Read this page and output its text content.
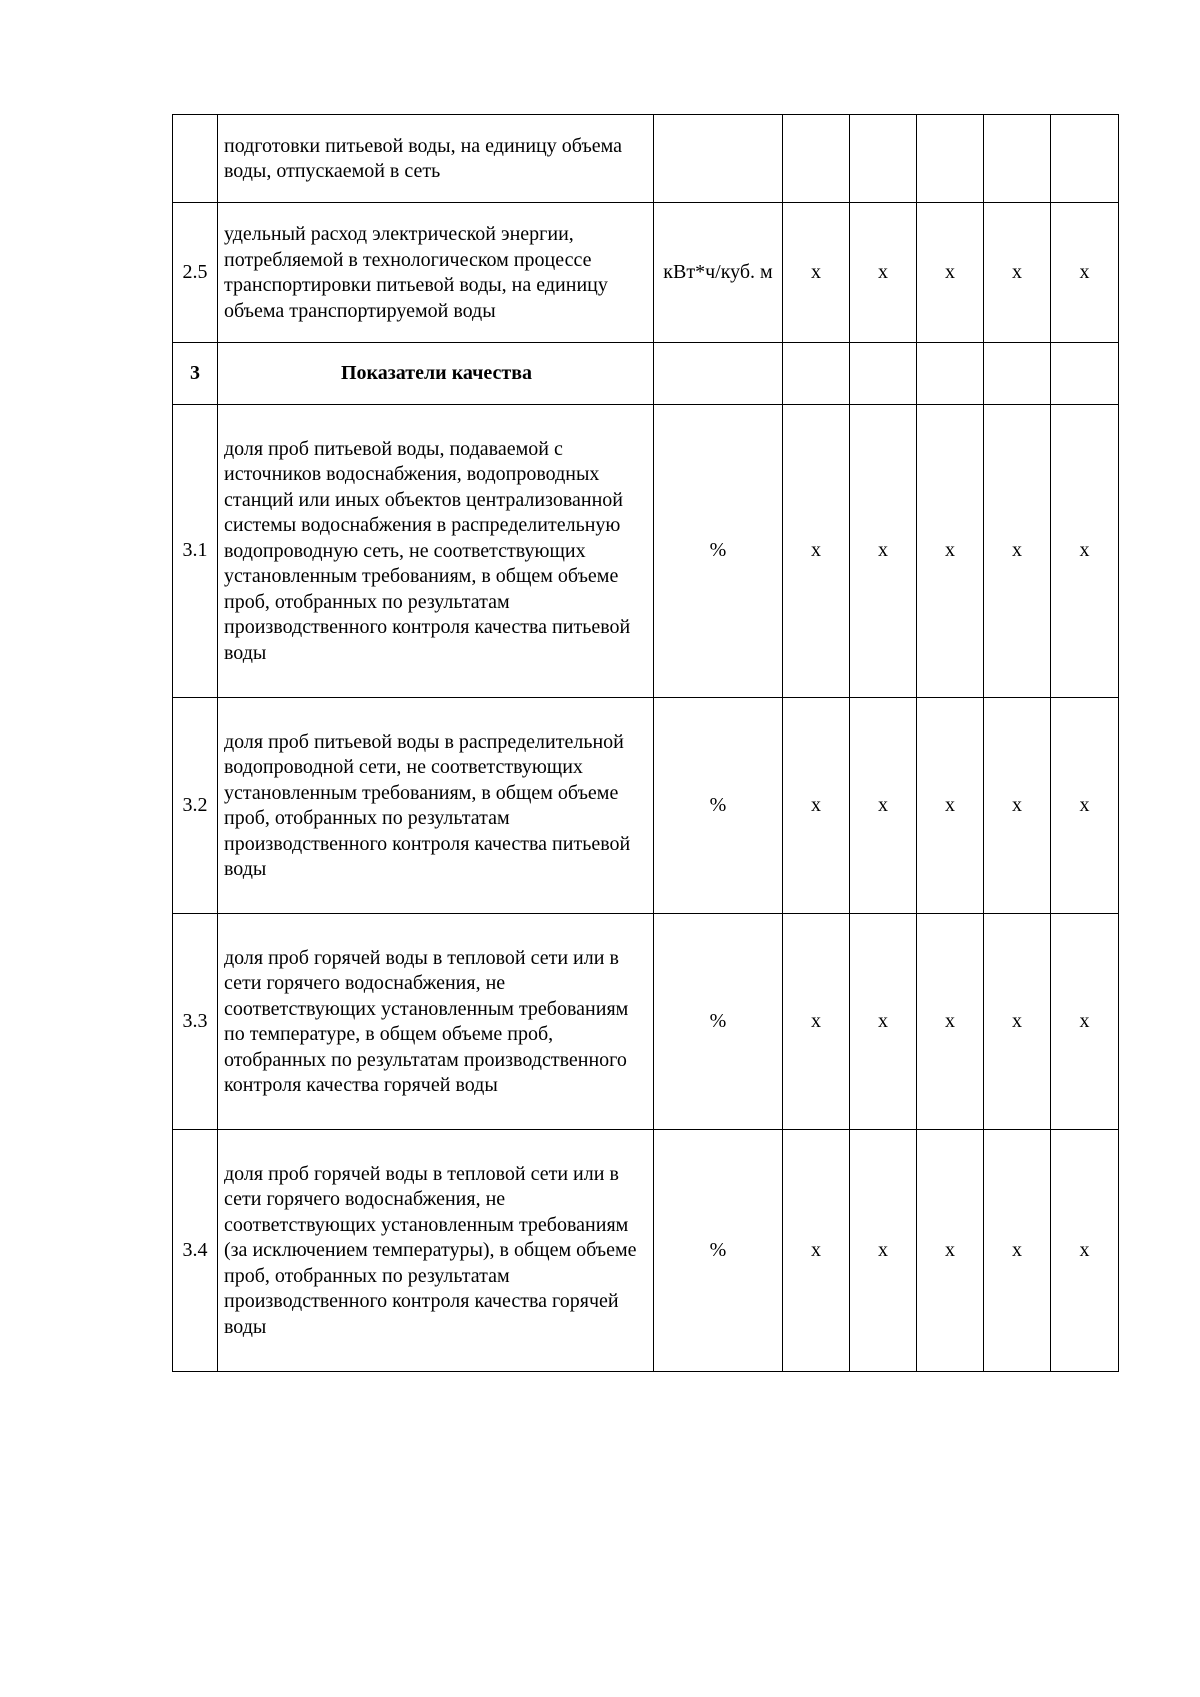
	подготовки питьевой воды, на единицу объема воды, отпускаемой в сеть						
2.5	удельный расход электрической энергии, потребляемой в технологическом процессе транспортировки питьевой воды, на единицу объема транспортируемой воды	кВт*ч/куб. м	х	х	х	х	х
3	Показатели качества						
3.1	доля проб питьевой воды, подаваемой с источников водоснабжения, водопроводных станций или иных объектов централизованной системы водоснабжения в распределительную водопроводную сеть, не соответствующих установленным требованиям, в общем объеме проб, отобранных по результатам производственного контроля качества питьевой воды	%	х	х	х	х	х
3.2	доля проб питьевой воды в распределительной водопроводной сети, не соответствующих установленным требованиям, в общем объеме проб, отобранных по результатам производственного контроля качества питьевой воды	%	х	х	х	х	х
3.3	доля проб горячей воды в тепловой сети или в сети горячего водоснабжения, не соответствующих установленным требованиям по температуре, в общем объеме проб, отобранных по результатам производственного контроля качества горячей воды	%	х	х	х	х	х
3.4	доля проб горячей воды в тепловой сети или в сети горячего водоснабжения, не соответствующих установленным требованиям (за исключением температуры), в общем объеме проб, отобранных по результатам производственного контроля качества горячей воды	%	х	х	х	х	х
